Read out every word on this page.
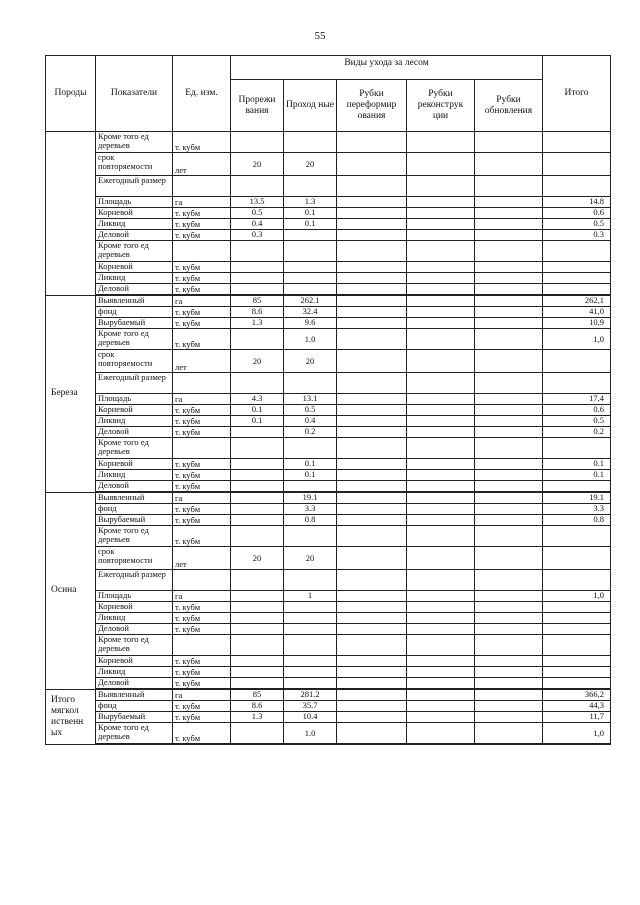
55
Породы	Показатели	Ед. изм.	Виды ухода за лесом					Итого
			Прорежи вания	Проход ные	Рубки переформир ования	Рубки реконструк ции	Рубки обновления	
	Кроме того ед деревьев	т. кубм						
	срок повторяемости	лет	20	20				
	Ежегодный размер							
	Площадь	га	13.5	1.3				14.8
	Корневой	т. кубм	0.5	0.1				0.6
	Ликвид	т. кубм	0.4	0.1				0.5
	Деловой	т. кубм	0.3					0.3
	Кроме того ед деревьев							
	Корневой	т. кубм						
	Ликвид	т. кубм						
	Деловой	т. кубм						
Береза	Выявленный	га	85	262.1				262,1
	фонд	т. кубм	8.6	32.4				41,0
	Вырубаемый	т. кубм	1.3	9.6				10,9
	Кроме того ед деревьев	т. кубм		1.0				1,0
	срок повторяемости	лет	20	20				
	Ежегодный размер							
	Площадь	га	4.3	13.1				17,4
	Корневой	т. кубм	0.1	0.5				0.6
	Ликвид	т. кубм	0.1	0.4				0.5
	Деловой	т. кубм		0.2				0.2
	Кроме того ед деревьев							
	Корневой	т. кубм		0.1				0.1
	Ликвид	т. кубм		0.1				0.1
	Деловой	т. кубм						
Осина	Выявленный	га		19.1				19.1
	фонд	т. кубм		3.3				3.3
	Вырубаемый	т. кубм		0.8				0.8
	Кроме того ед деревьев	т. кубм						
	срок повторяемости	лет	20	20				
	Ежегодный размер							
	Площадь	га		1				1,0
	Корневой	т. кубм						
	Ликвид	т. кубм						
	Деловой	т. кубм						
	Кроме того ед деревьев							
	Корневой	т. кубм						
	Ликвид	т. кубм						
	Деловой	т. кубм						
Итого мягкол иственн ых	Выявленный	га	85	281.2				366,2
	фонд	т. кубм	8.6	35.7				44,3
	Вырубаемый	т. кубм	1.3	10.4				11,7
	Кроме того ед деревьев	т. кубм		1.0				1,0
